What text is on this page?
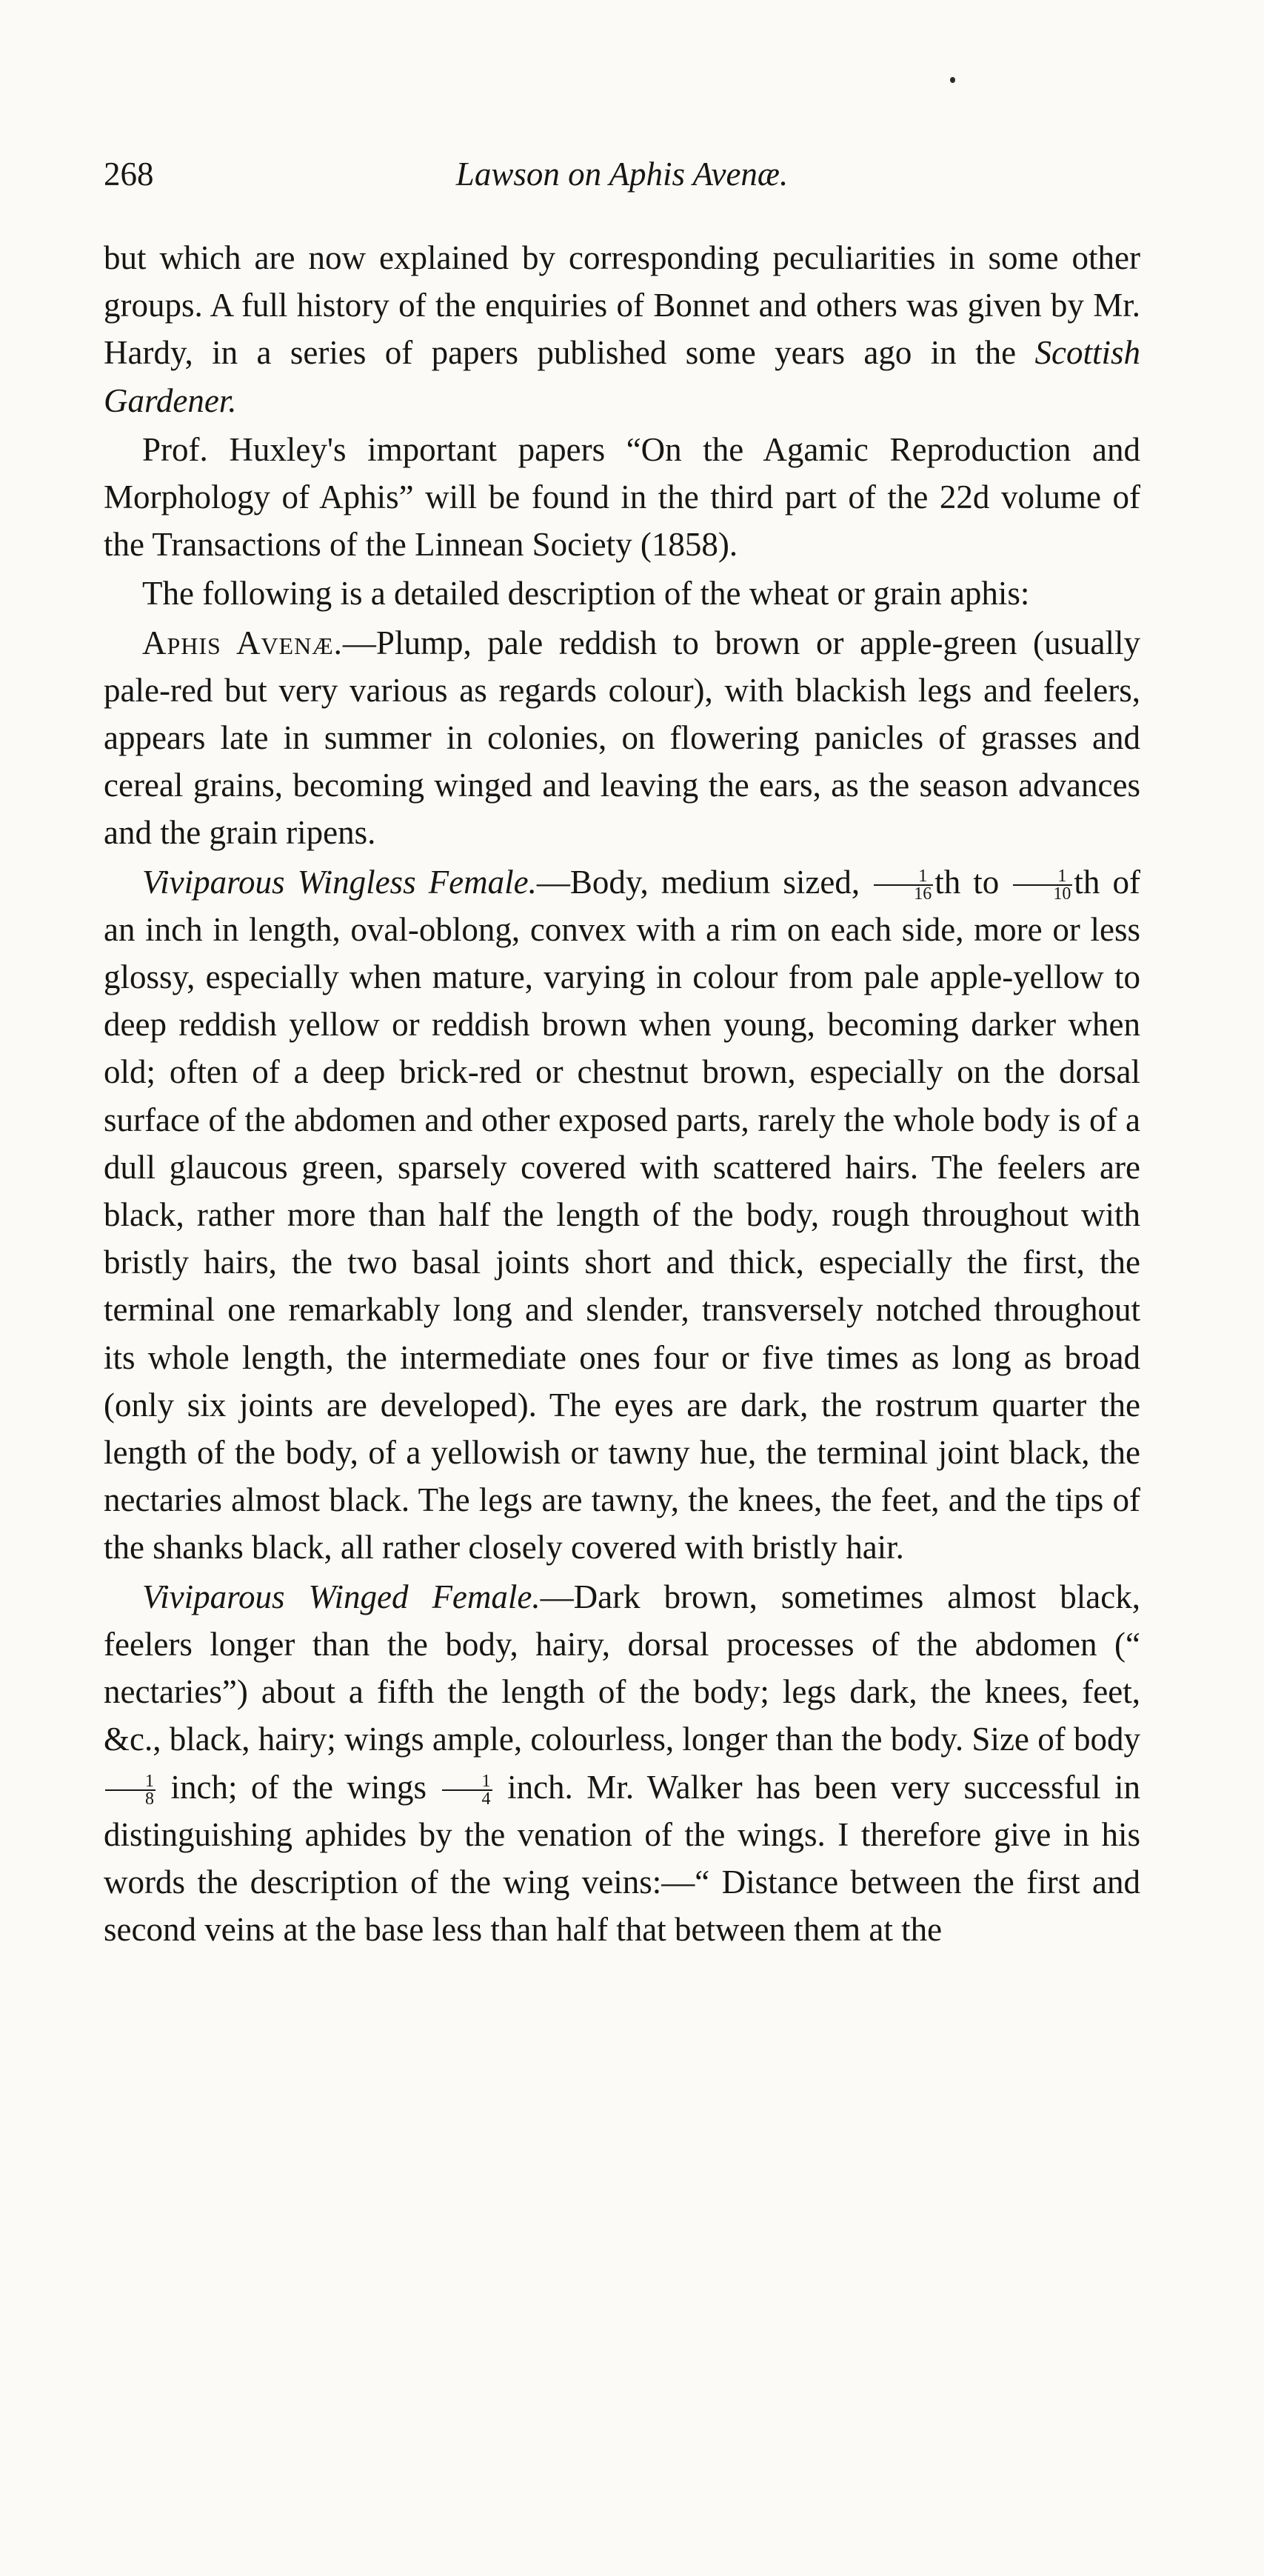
268	Lawson on Aphis Avenæ.

but which are now explained by corresponding peculiarities in some other groups. A full history of the enquiries of Bonnet and others was given by Mr. Hardy, in a series of papers published some years ago in the Scottish Gardener.

Prof. Huxley's important papers “On the Agamic Reproduction and Morphology of Aphis” will be found in the third part of the 22d volume of the Transactions of the Linnean Society (1858).

The following is a detailed description of the wheat or grain aphis:

Aphis Avenæ.—Plump, pale reddish to brown or apple-green (usually pale-red but very various as regards colour), with blackish legs and feelers, appears late in summer in colonies, on flowering panicles of grasses and cereal grains, becoming winged and leaving the ears, as the season advances and the grain ripens.

Viviparous Wingless Female.—Body, medium sized, $\frac{1}{16}$ th to $\frac{1}{10}$ th of an inch in length, oval-oblong, convex with a rim on each side, more or less glossy, especially when mature, varying in colour from pale apple-yellow to deep reddish yellow or reddish brown when young, becoming darker when old; often of a deep brick-red or chestnut brown, especially on the dorsal surface of the abdomen and other exposed parts, rarely the whole body is of a dull glaucous green, sparsely covered with scattered hairs. The feelers are black, rather more than half the length of the body, rough throughout with bristly hairs, the two basal joints short and thick, especially the first, the terminal one remarkably long and slender, transversely notched throughout its whole length, the intermediate ones four or five times as long as broad (only six joints are developed). The eyes are dark, the rostrum quarter the length of the body, of a yellowish or tawny hue, the terminal joint black, the nectaries almost black. The legs are tawny, the knees, the feet, and the tips of the shanks black, all rather closely covered with bristly hair.

Viviparous Winged Female.—Dark brown, sometimes almost black, feelers longer than the body, hairy, dorsal processes of the abdomen (“ nectaries”) about a fifth the length of the body; legs dark, the knees, feet, &c., black, hairy; wings ample, colourless, longer than the body. Size of body
$\frac{1}{8}$ inch; of the wings $\frac{1}{4}$ inch. Mr. Walker has been very successful in distinguishing aphides by the venation of the wings. I therefore give in his words the description of the wing veins:—“ Distance between the first and second veins at the base less than half that between them at the
